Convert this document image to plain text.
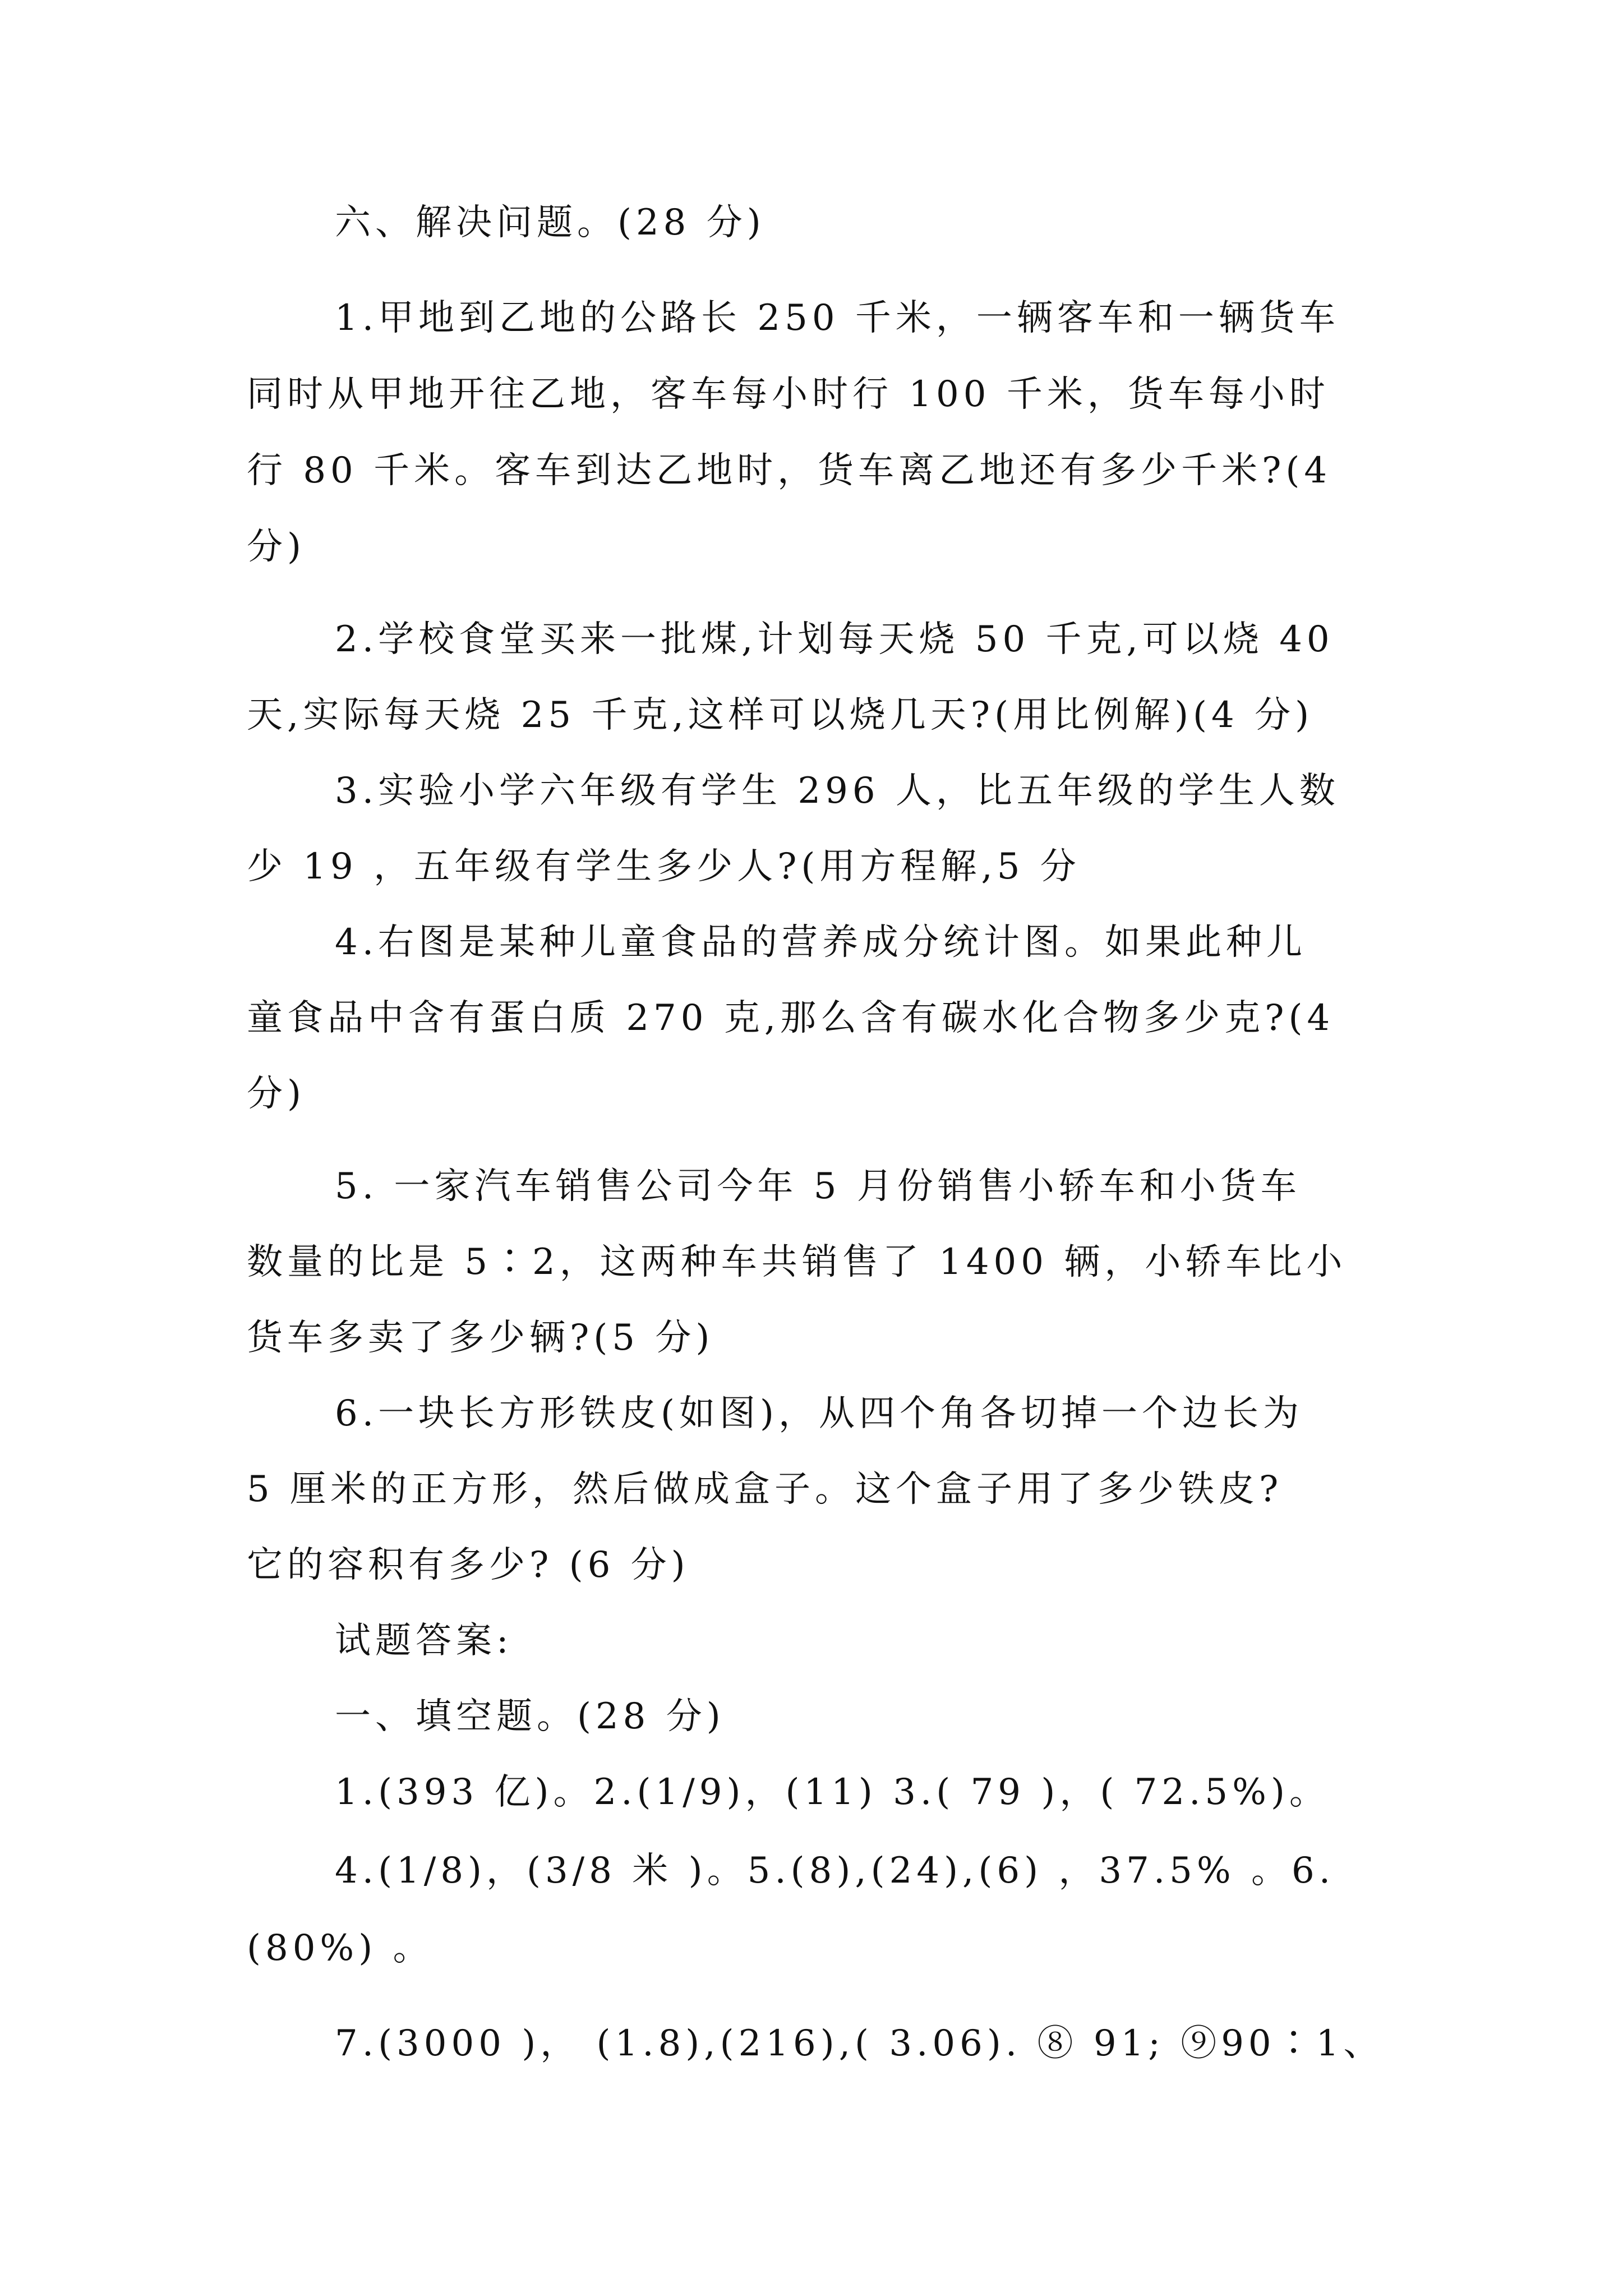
六、解决问题。(28 分)
1.甲地到乙地的公路长 250 千米，一辆客车和一辆货车
同时从甲地开往乙地，客车每小时行 100 千米，货车每小时
行 80 千米。客车到达乙地时，货车离乙地还有多少千米?(4
分)
2.学校食堂买来一批煤,计划每天烧 50 千克,可以烧 40
天,实际每天烧 25 千克,这样可以烧几天?(用比例解)(4 分)
3.实验小学六年级有学生 296 人，比五年级的学生人数
少 19 ，五年级有学生多少人?(用方程解,5 分
4.右图是某种儿童食品的营养成分统计图。如果此种儿
童食品中含有蛋白质 270 克,那么含有碳水化合物多少克?(4
分)
5. 一家汽车销售公司今年 5 月份销售小轿车和小货车
数量的比是 5∶2，这两种车共销售了 1400 辆，小轿车比小
货车多卖了多少辆?(5 分)
6.一块长方形铁皮(如图)，从四个角各切掉一个边长为
5 厘米的正方形，然后做成盒子。这个盒子用了多少铁皮?
它的容积有多少? (6 分)
试题答案:
一、填空题。(28 分)
1.(393 亿)。2.(1/9)，(11) 3.( 79 )，( 72.5%)。
4.(1/8)，(3/8 米 )。5.(8),(24),(6) ，37.5% 。6.
(80%) 。
7.(3000 )， (1.8),(216),( 3.06). ⑧ 91; ⑨90∶1、
